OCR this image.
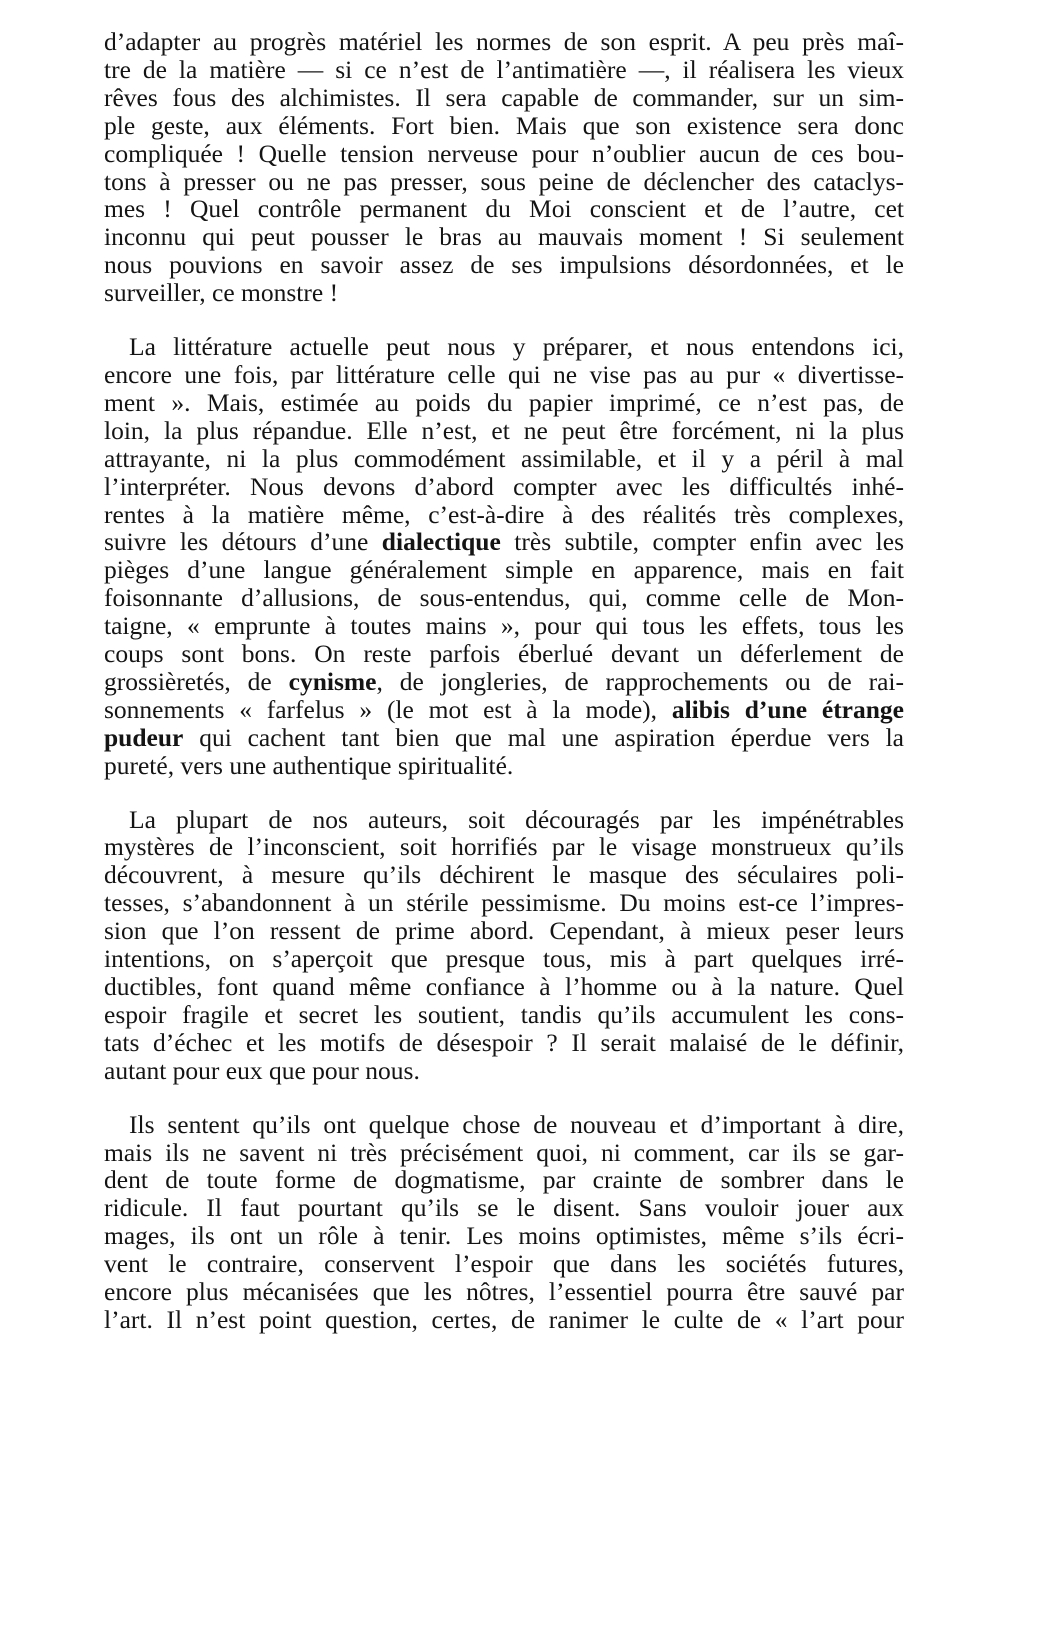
d’adapter au progrès matériel les normes de son esprit. A peu près maî-
tre de la matière — si ce n’est de l’antimatière —, il réalisera les vieux
rêves fous des alchimistes. Il sera capable de commander, sur un sim-
ple geste, aux éléments. Fort bien. Mais que son existence sera donc
compliquée ! Quelle tension nerveuse pour n’oublier aucun de ces bou-
tons à presser ou ne pas presser, sous peine de déclencher des cataclys-
mes ! Quel contrôle permanent du Moi conscient et de l’autre, cet
inconnu qui peut pousser le bras au mauvais moment ! Si seulement
nous pouvions en savoir assez de ses impulsions désordonnées, et le
surveiller, ce monstre !

La littérature actuelle peut nous y préparer, et nous entendons ici,
encore une fois, par littérature celle qui ne vise pas au pur « divertisse-
ment ». Mais, estimée au poids du papier imprimé, ce n’est pas, de
loin, la plus répandue. Elle n’est, et ne peut être forcément, ni la plus
attrayante, ni la plus commodément assimilable, et il y a péril à mal
l’interpréter. Nous devons d’abord compter avec les difficultés inhé-
rentes à la matière même, c’est-à-dire à des réalités très complexes,
suivre les détours d’une dialectique très subtile, compter enfin avec les
pièges d’une langue généralement simple en apparence, mais en fait
foisonnante d’allusions, de sous-entendus, qui, comme celle de Mon-
taigne, « emprunte à toutes mains », pour qui tous les effets, tous les
coups sont bons. On reste parfois éberlué devant un déferlement de
grossièretés, de cynisme, de jongleries, de rapprochements ou de rai-
sonnements « farfelus » (le mot est à la mode), alibis d’une étrange
pudeur qui cachent tant bien que mal une aspiration éperdue vers la
pureté, vers une authentique spiritualité.

La plupart de nos auteurs, soit découragés par les impénétrables
mystères de l’inconscient, soit horrifiés par le visage monstrueux qu’ils
découvrent, à mesure qu’ils déchirent le masque des séculaires poli-
tesses, s’abandonnent à un stérile pessimisme. Du moins est-ce l’impres-
sion que l’on ressent de prime abord. Cependant, à mieux peser leurs
intentions, on s’aperçoit que presque tous, mis à part quelques irré-
ductibles, font quand même confiance à l’homme ou à la nature. Quel
espoir fragile et secret les soutient, tandis qu’ils accumulent les cons-
tats d’échec et les motifs de désespoir ? Il serait malaisé de le définir,
autant pour eux que pour nous.

Ils sentent qu’ils ont quelque chose de nouveau et d’important à dire,
mais ils ne savent ni très précisément quoi, ni comment, car ils se gar-
dent de toute forme de dogmatisme, par crainte de sombrer dans le
ridicule. Il faut pourtant qu’ils se le disent. Sans vouloir jouer aux
mages, ils ont un rôle à tenir. Les moins optimistes, même s’ils écri-
vent le contraire, conservent l’espoir que dans les sociétés futures,
encore plus mécanisées que les nôtres, l’essentiel pourra être sauvé par
l’art. Il n’est point question, certes, de ranimer le culte de « l’art pour
